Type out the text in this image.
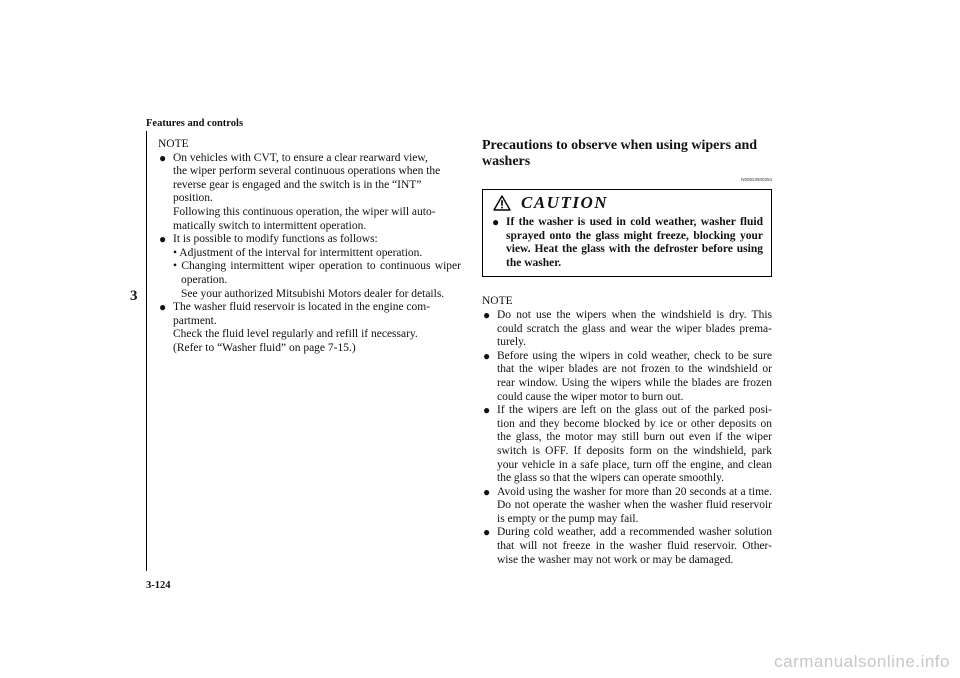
Features and controls
3
NOTE
● On vehicles with CVT, to ensure a clear rearward view,
the wiper perform several continuous operations when the
reverse gear is engaged and the switch is in the “INT”
position.
Following this continuous operation, the wiper will auto-
matically switch to intermittent operation.
● It is possible to modify functions as follows:
• Adjustment of the interval for intermittent operation.
• Changing intermittent wiper operation to continuous wiper operation.
See your authorized Mitsubishi Motors dealer for details.
● The washer fluid reservoir is located in the engine com-
partment.
Check the fluid level regularly and refill if necessary.
(Refer to “Washer fluid” on page 7-15.)
Precautions to observe when using wipers and washers
N00523500254
CAUTION
● If the washer is used in cold weather, washer fluid sprayed onto the glass might freeze, blocking your view. Heat the glass with the defroster before using the washer.
NOTE
● Do not use the wipers when the windshield is dry. This could scratch the glass and wear the wiper blades prema-turely.
● Before using the wipers in cold weather, check to be sure that the wiper blades are not frozen to the windshield or rear window. Using the wipers while the blades are frozen could cause the wiper motor to burn out.
● If the wipers are left on the glass out of the parked posi-tion and they become blocked by ice or other deposits on the glass, the motor may still burn out even if the wiper switch is OFF. If deposits form on the windshield, park your vehicle in a safe place, turn off the engine, and clean the glass so that the wipers can operate smoothly.
● Avoid using the washer for more than 20 seconds at a time. Do not operate the washer when the washer fluid reservoir is empty or the pump may fail.
● During cold weather, add a recommended washer solution that will not freeze in the washer fluid reservoir. Other-wise the washer may not work or may be damaged.
3-124
carmanualsonline.info
